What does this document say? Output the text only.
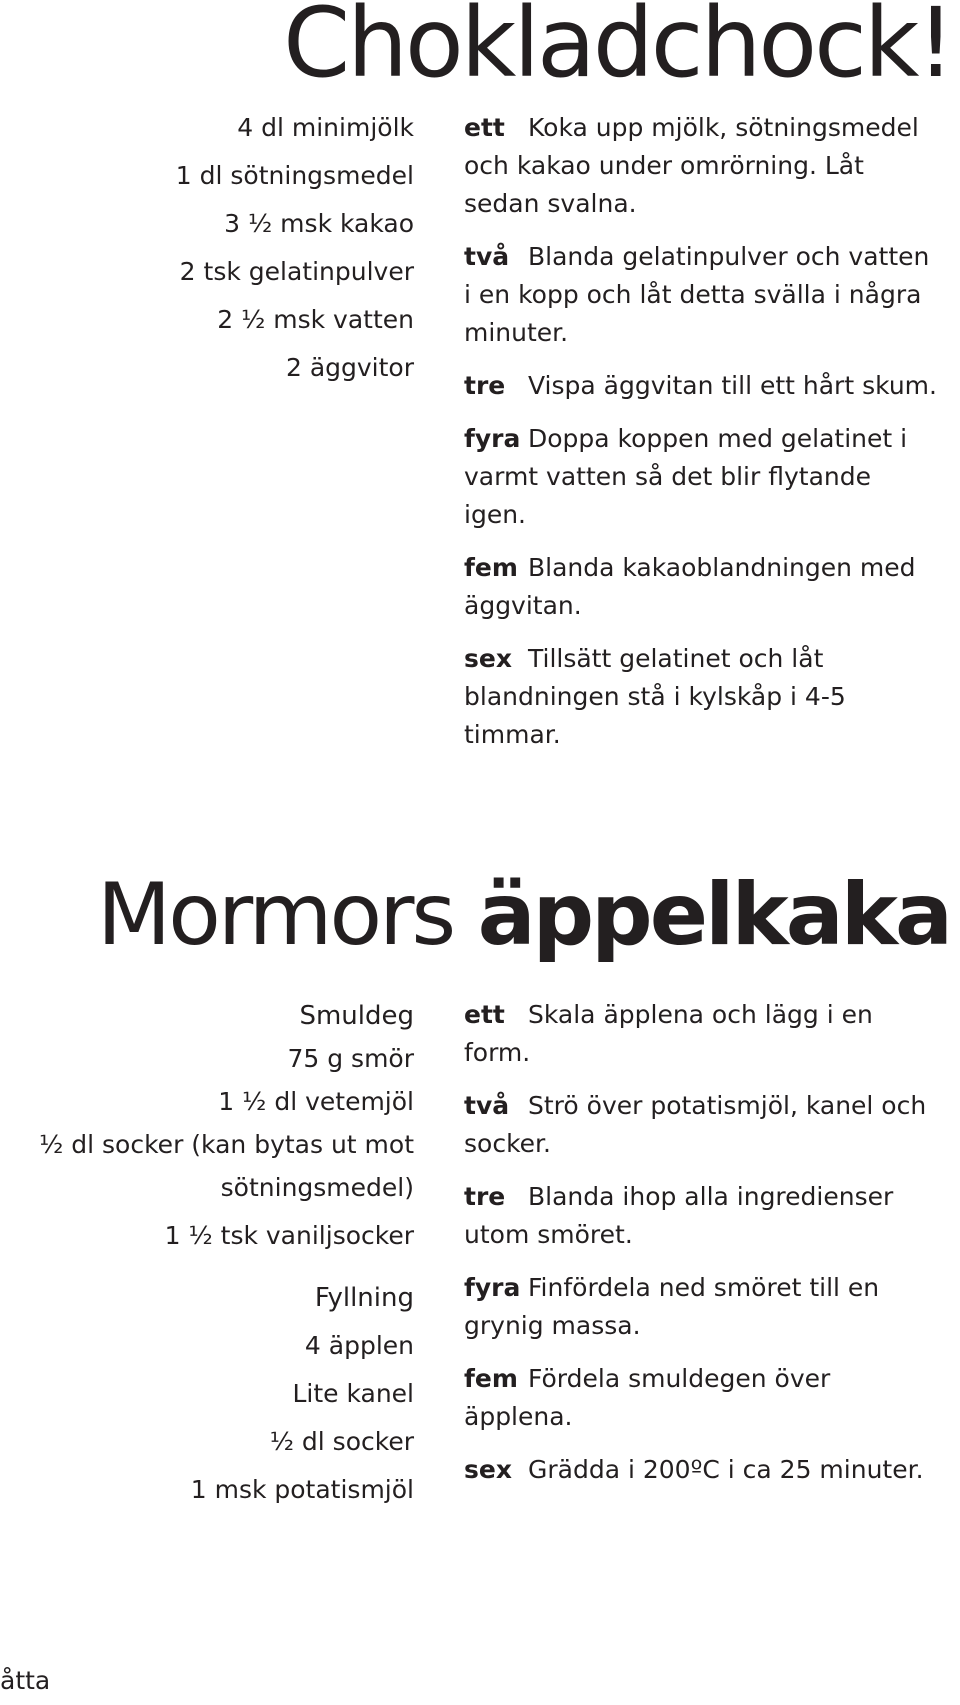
Chokladchock!
4 dl minimjölk
1 dl sötningsmedel
3 ½ msk kakao
2 tsk gelatinpulver
2 ½ msk vatten
2 äggvitor
ett Koka upp mjölk, sötningsmedel och kakao under omrörning. Låt sedan svalna.
två Blanda gelatinpulver och vatten i en kopp och låt detta svälla i några minuter.
tre Vispa äggvitan till ett hårt skum.
fyra Doppa koppen med gelatinet i varmt vatten så det blir flytande igen.
fem Blanda kakaoblandningen med äggvitan.
sex Tillsätt gelatinet och låt blandningen stå i kylskåp i 4-5 timmar.
Mormors äppelkaka
Smuldeg
75 g smör
1 ½ dl vetemjöl
½ dl socker (kan bytas ut mot
sötningsmedel)
1 ½ tsk vaniljsocker
Fyllning
4 äpplen
Lite kanel
½ dl socker
1 msk potatismjöl
ett Skala äpplena och lägg i en form.
två Strö över potatismjöl, kanel och socker.
tre Blanda ihop alla ingredienser utom smöret.
fyra Finfördela ned smöret till en grynig massa.
fem Fördela smuldegen över äpplena.
sex Grädda i 200ºC i ca 25 minuter.

åtta
